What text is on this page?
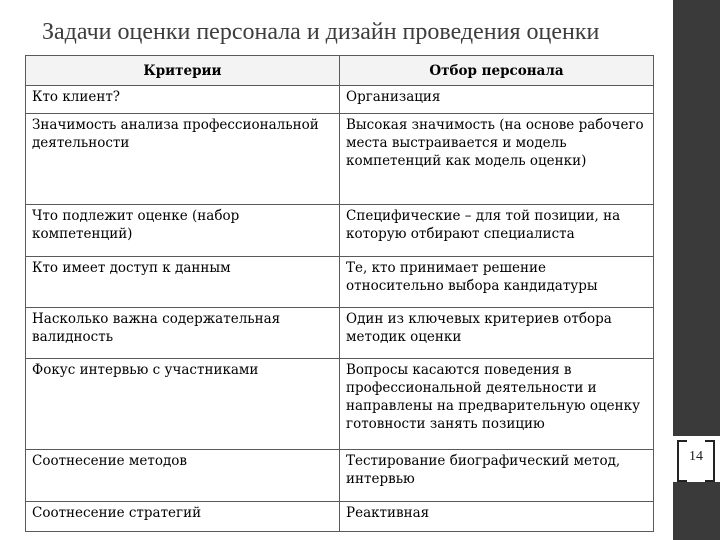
Задачи оценки персонала и дизайн проведения оценки
Критерии	Отбор персонала
Кто клиент?	Организация
Значимость анализа профессиональной деятельности	Высокая значимость (на основе рабочего места выстраивается и модель компетенций как модель оценки)
Что подлежит оценке (набор компетенций)	Специфические – для той позиции, на которую отбирают специалиста
Кто имеет доступ к данным	Те, кто принимает решение относительно выбора кандидатуры
Насколько важна содержательная валидность	Один из ключевых критериев отбора методик оценки
Фокус интервью с участниками	Вопросы касаются поведения в профессиональной деятельности и направлены на предварительную оценку готовности занять позицию
Соотнесение методов	Тестирование биографический метод, интервью
Соотнесение стратегий	Реактивная
14
